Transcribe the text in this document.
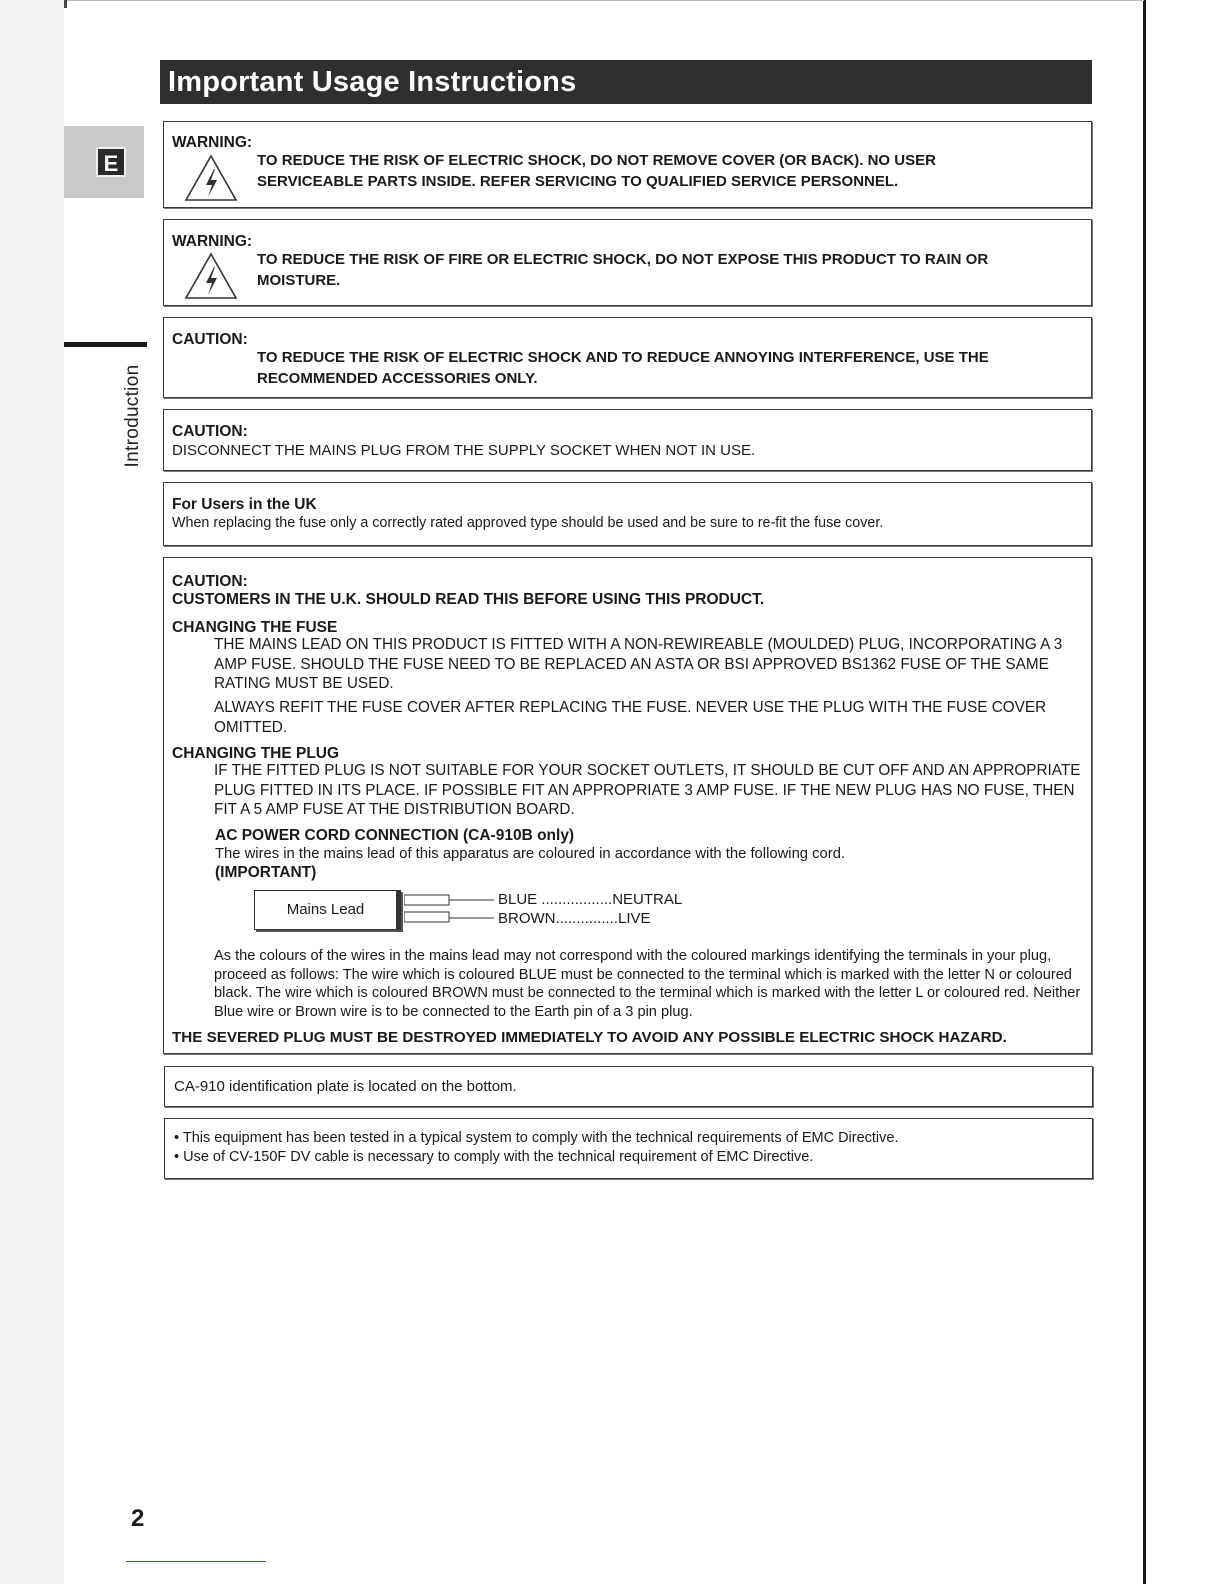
Important Usage Instructions
E
Introduction
WARNING:
TO REDUCE THE RISK OF ELECTRIC SHOCK, DO NOT REMOVE COVER (OR BACK). NO USER
SERVICEABLE PARTS INSIDE. REFER SERVICING TO QUALIFIED SERVICE PERSONNEL.
WARNING:
TO REDUCE THE RISK OF FIRE OR ELECTRIC SHOCK, DO NOT EXPOSE THIS PRODUCT TO RAIN OR
MOISTURE.
CAUTION:
TO REDUCE THE RISK OF ELECTRIC SHOCK AND TO REDUCE ANNOYING INTERFERENCE, USE THE
RECOMMENDED ACCESSORIES ONLY.
CAUTION:
DISCONNECT THE MAINS PLUG FROM THE SUPPLY SOCKET WHEN NOT IN USE.
For Users in the UK
When replacing the fuse only a correctly rated approved type should be used and be sure to re-fit the fuse cover.
CAUTION:
CUSTOMERS IN THE U.K. SHOULD READ THIS BEFORE USING THIS PRODUCT.
CHANGING THE FUSE
THE MAINS LEAD ON THIS PRODUCT IS FITTED WITH A NON-REWIREABLE (MOULDED) PLUG, INCORPORATING A 3 AMP FUSE. SHOULD THE FUSE NEED TO BE REPLACED AN ASTA OR BSI APPROVED BS1362 FUSE OF THE SAME RATING MUST BE USED.
ALWAYS REFIT THE FUSE COVER AFTER REPLACING THE FUSE. NEVER USE THE PLUG WITH THE FUSE COVER OMITTED.
CHANGING THE PLUG
IF THE FITTED PLUG IS NOT SUITABLE FOR YOUR SOCKET OUTLETS, IT SHOULD BE CUT OFF AND AN APPROPRIATE PLUG FITTED IN ITS PLACE. IF POSSIBLE FIT AN APPROPRIATE 3 AMP FUSE. IF THE NEW PLUG HAS NO FUSE, THEN FIT A 5 AMP FUSE AT THE DISTRIBUTION BOARD.
AC POWER CORD CONNECTION (CA-910B only)
The wires in the mains lead of this apparatus are coloured in accordance with the following cord.
(IMPORTANT)
Mains Lead
BLUE .................NEUTRAL
BROWN...............LIVE
As the colours of the wires in the mains lead may not correspond with the coloured markings identifying the terminals in your plug, proceed as follows: The wire which is coloured BLUE must be connected to the terminal which is marked with the letter N or coloured black. The wire which is coloured BROWN must be connected to the terminal which is marked with the letter L or coloured red. Neither Blue wire or Brown wire is to be connected to the Earth pin of a 3 pin plug.
THE SEVERED PLUG MUST BE DESTROYED IMMEDIATELY TO AVOID ANY POSSIBLE ELECTRIC SHOCK HAZARD.
CA-910 identification plate is located on the bottom.
• This equipment has been tested in a typical system to comply with the technical requirements of EMC Directive.
• Use of CV-150F DV cable is necessary to comply with the technical requirement of EMC Directive.
2
